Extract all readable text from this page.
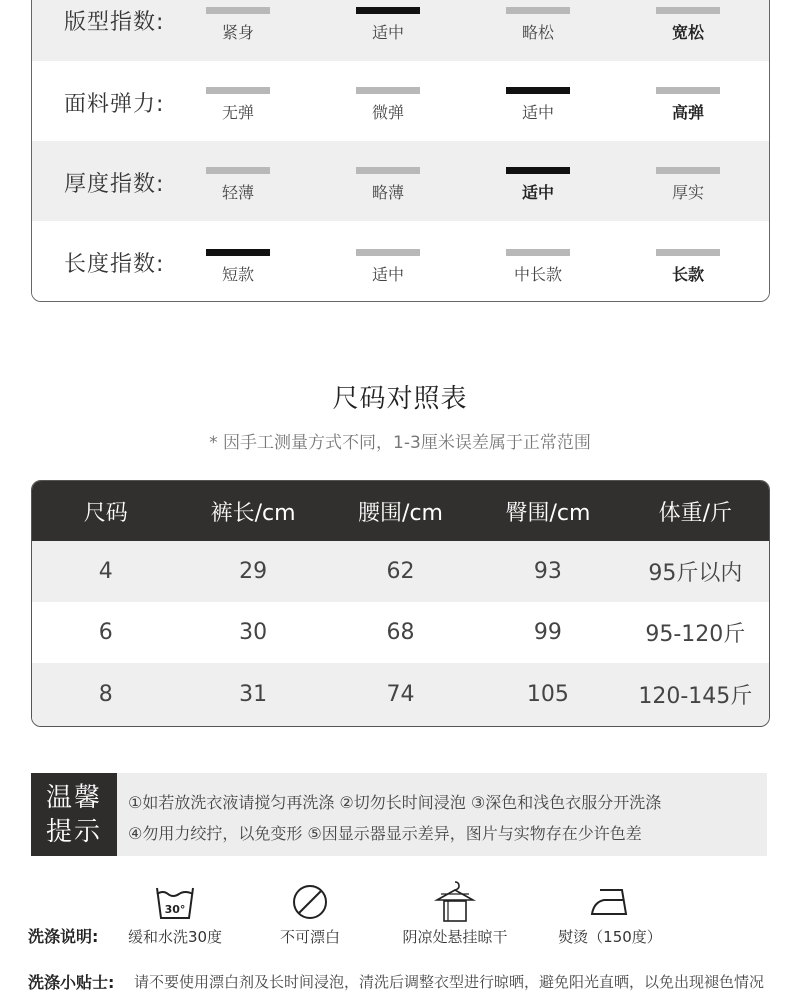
版型指数:	紧身	适中	略松	宽松
面料弹力:	无弹	微弹	适中	高弹
厚度指数:	轻薄	略薄	适中	厚实
长度指数:	短款	适中	中长款	长款
尺码对照表
* 因手工测量方式不同，1-3厘米误差属于正常范围
尺码	裤长/cm	腰围/cm	臀围/cm	体重/斤
4	29	62	93	95斤以内
6	30	68	99	95-120斤
8	31	74	105	120-145斤
温馨
提示
①如若放洗衣液请搅匀再洗涤 ②切勿长时间浸泡 ③深色和浅色衣服分开洗涤
④勿用力绞拧，以免变形 ⑤因显示器显示差异，图片与实物存在少许色差
洗涤说明:
30°
缓和水洗30度	不可漂白	阴凉处悬挂晾干	熨烫（150度）
洗涤小贴士: 请不要使用漂白剂及长时间浸泡，清洗后调整衣型进行晾晒，避免阳光直晒，以免出现褪色情况
